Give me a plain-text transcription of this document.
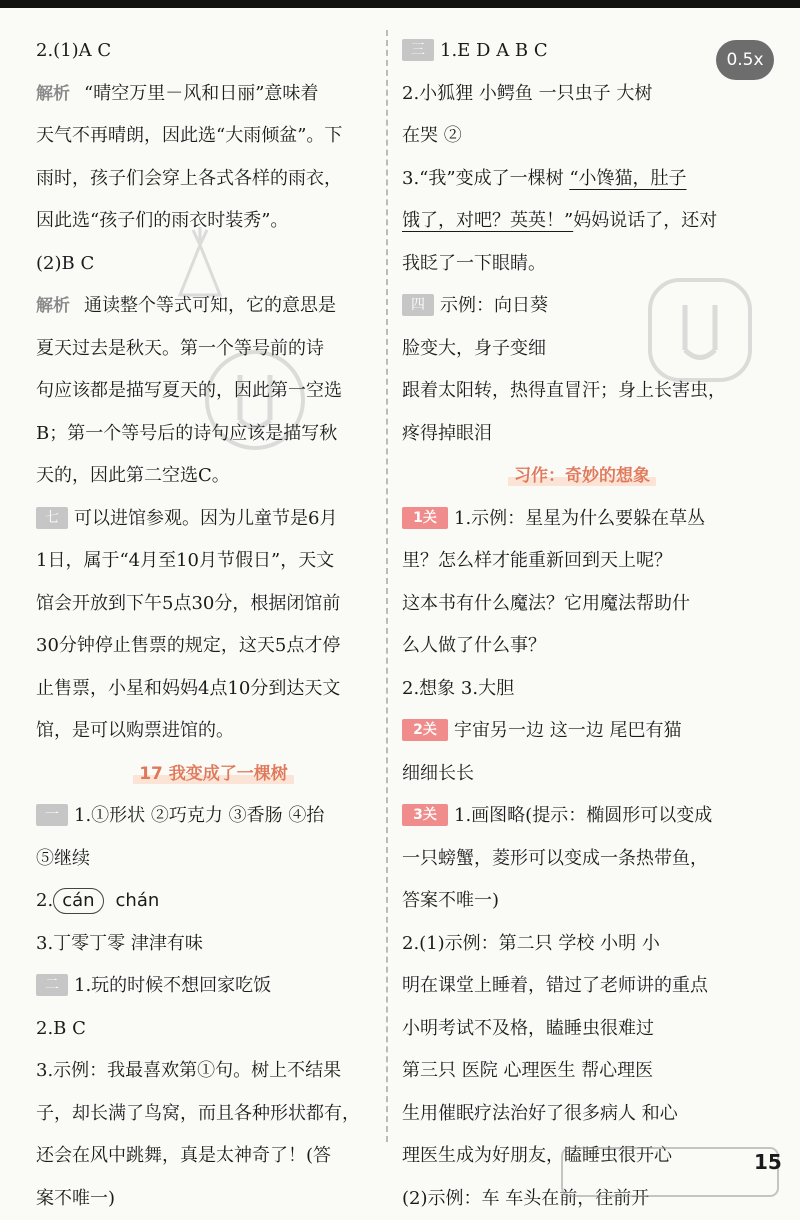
2.(1)A C
解析 “晴空万里－风和日丽”意味着
天气不再晴朗，因此选“大雨倾盆”。下
雨时，孩子们会穿上各式各样的雨衣，
因此选“孩子们的雨衣时装秀”。
(2)B C
解析 通读整个等式可知，它的意思是
夏天过去是秋天。第一个等号前的诗
句应该都是描写夏天的，因此第一空选
B；第一个等号后的诗句应该是描写秋
天的，因此第二空选C。
七 可以进馆参观。因为儿童节是6月
1日，属于“4月至10月节假日”，天文
馆会开放到下午5点30分，根据闭馆前
30分钟停止售票的规定，这天5点才停
止售票，小星和妈妈4点10分到达天文
馆，是可以购票进馆的。
17 我变成了一棵树
一 1.①形状 ②巧克力 ③香肠 ④抬
⑤继续
2. cán chán
3.丁零丁零 津津有味
二 1.玩的时候不想回家吃饭
2.B C
3.示例：我最喜欢第①句。树上不结果
子，却长满了鸟窝，而且各种形状都有，
还会在风中跳舞，真是太神奇了！(答
案不唯一)
三 1.E D A B C
2.小狐狸 小鳄鱼 一只虫子 大树
在哭 ②
3.“我”变成了一棵树 “小馋猫，肚子
饿了，对吧？英英！”妈妈说话了，还对
我眨了一下眼睛。
四 示例：向日葵
脸变大，身子变细
跟着太阳转，热得直冒汗；身上长害虫，
疼得掉眼泪
习作：奇妙的想象
1关 1.示例：星星为什么要躲在草丛
里？怎么样才能重新回到天上呢？
这本书有什么魔法？它用魔法帮助什
么人做了什么事？
2.想象 3.大胆
2关 宇宙另一边 这一边 尾巴有猫
细细长长
3关 1.画图略(提示：椭圆形可以变成
一只螃蟹，菱形可以变成一条热带鱼，
答案不唯一)
2.(1)示例：第二只 学校 小明 小
明在课堂上睡着，错过了老师讲的重点
小明考试不及格，瞌睡虫很难过
第三只 医院 心理医生 帮心理医
生用催眠疗法治好了很多病人 和心
理医生成为好朋友，瞌睡虫很开心
(2)示例：车 车头在前，往前开
0.5x
15
